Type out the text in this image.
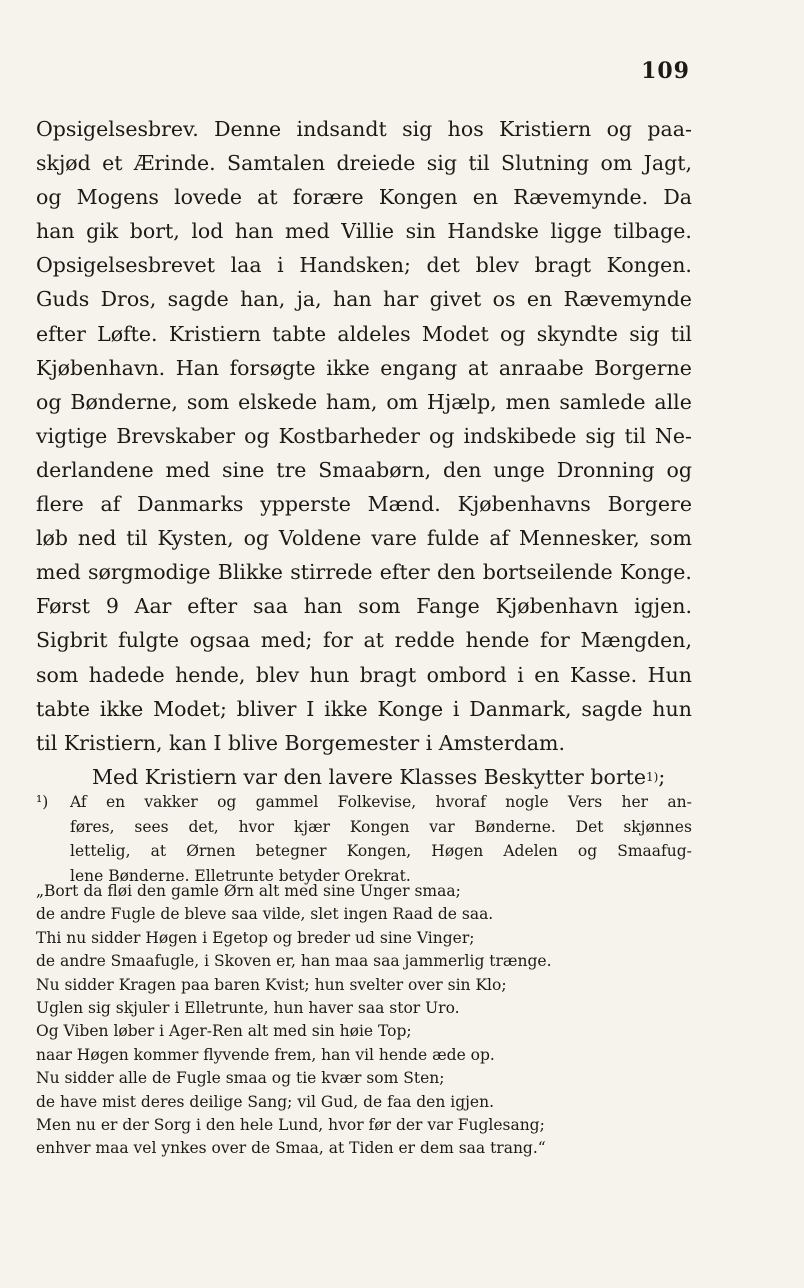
109
Opsigelsesbrev. Denne indsandt sig hos Kristiern og paa-
skjød et Ærinde. Samtalen dreiede sig til Slutning om Jagt,
og Mogens lovede at forære Kongen en Rævemynde. Da
han gik bort, lod han med Villie sin Handske ligge tilbage.
Opsigelsesbrevet laa i Handsken; det blev bragt Kongen.
Guds Dros, sagde han, ja, han har givet os en Rævemynde
efter Løfte. Kristiern tabte aldeles Modet og skyndte sig til
Kjøbenhavn. Han forsøgte ikke engang at anraabe Borgerne
og Bønderne, som elskede ham, om Hjælp, men samlede alle
vigtige Brevskaber og Kostbarheder og indskibede sig til Ne-
derlandene med sine tre Smaabørn, den unge Dronning og
flere af Danmarks ypperste Mænd. Kjøbenhavns Borgere
løb ned til Kysten, og Voldene vare fulde af Mennesker, som
med sørgmodige Blikke stirrede efter den bortseilende Konge.
Først 9 Aar efter saa han som Fange Kjøbenhavn igjen.
Sigbrit fulgte ogsaa med; for at redde hende for Mængden,
som hadede hende, blev hun bragt ombord i en Kasse. Hun
tabte ikke Modet; bliver I ikke Konge i Danmark, sagde hun
til Kristiern, kan I blive Borgemester i Amsterdam.
Med Kristiern var den lavere Klasses Beskytter borte 1) ;
¹)	Af en vakker og gammel Folkevise, hvoraf nogle Vers her an-
føres, sees det, hvor kjær Kongen var Bønderne. Det skjønnes
lettelig, at Ørnen betegner Kongen, Høgen Adelen og Smaafug-
lene Bønderne. Elletrunte betyder Orekrat.
„Bort da fløi den gamle Ørn alt med sine Unger smaa;
de andre Fugle de bleve saa vilde, slet ingen Raad de saa.
Thi nu sidder Høgen i Egetop og breder ud sine Vinger;
de andre Smaafugle, i Skoven er, han maa saa jammerlig trænge.
Nu sidder Kragen paa baren Kvist; hun svelter over sin Klo;
Uglen sig skjuler i Elletrunte, hun haver saa stor Uro.
Og Viben løber i Ager-Ren alt med sin høie Top;
naar Høgen kommer flyvende frem, han vil hende æde op.
Nu sidder alle de Fugle smaa og tie kvær som Sten;
de have mist deres deilige Sang; vil Gud, de faa den igjen.
Men nu er der Sorg i den hele Lund, hvor før der var Fuglesang;
enhver maa vel ynkes over de Smaa, at Tiden er dem saa trang.“
